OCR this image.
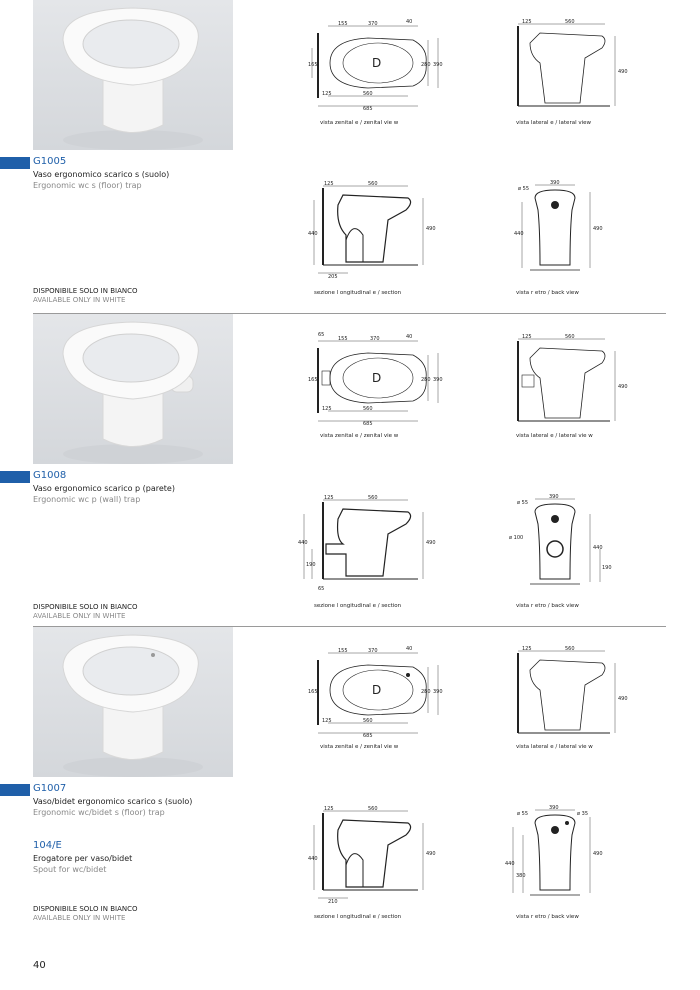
G1005
Vaso ergonomico scarico s (suolo)
Ergonomic wc s (floor) trap
DISPONIBILE SOLO IN BIANCO
AVAILABLE ONLY IN WHITE
D
155	370	40
165	280 390
125	560
685
vista zenital e / zenital vie w
125	560
490
vista lateral e / lateral view
125	560
440
490
205
sezione l ongitudinal e / section
390
ø 55
440
490
vista r etro / back view
G1008
Vaso ergonomico scarico p (parete)
Ergonomic wc p (wall) trap
DISPONIBILE SOLO IN BIANCO
AVAILABLE ONLY IN WHITE
D
65
155	370	40
165	280 390
125	560
685
vista zenital e / zenital vie w
125	560
490
vista lateral e / lateral vie w
125	560
440
190
490
65
sezione l ongitudinal e / section
390
ø 55
ø 100
440
190
vista r etro / back view
G1007
Vaso/bidet ergonomico scarico s (suolo)
Ergonomic wc/bidet s (floor) trap
104/E
Erogatore per vaso/bidet
Spout for wc/bidet
DISPONIBILE SOLO IN BIANCO
AVAILABLE ONLY IN WHITE
D
155	370	40
165	280 390
125	560
685
vista zenital e / zenital vie w
125	560
490
vista lateral e / lateral vie w
125	560
440
490
210
sezione l ongitudinal e / section
390
ø 55	ø 35
440
380
490
vista r etro / back view
40
